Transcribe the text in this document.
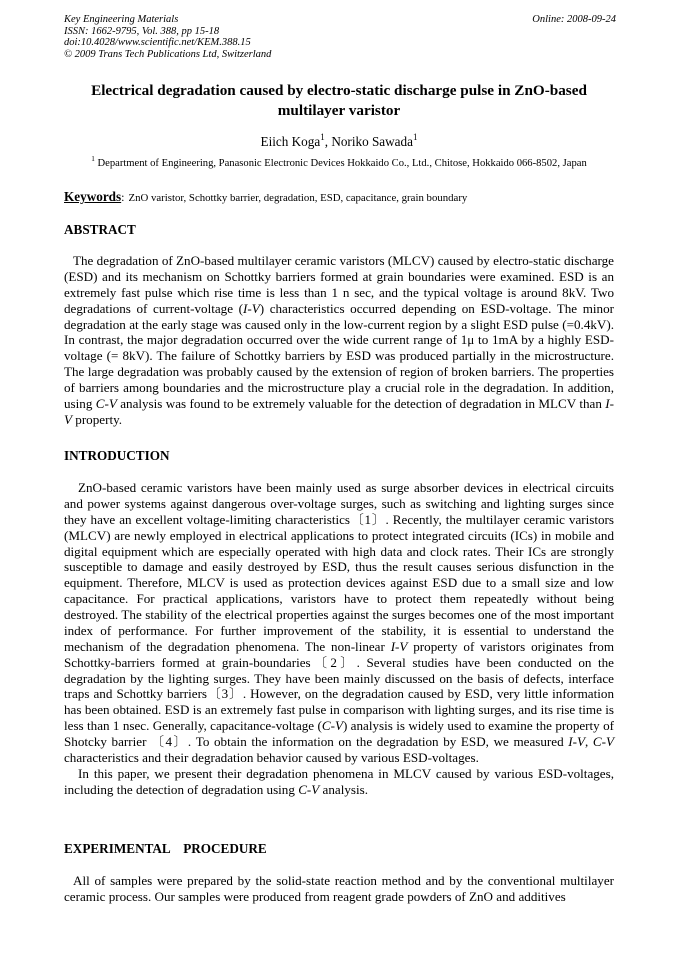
Key Engineering Materials
ISSN: 1662-9795, Vol. 388, pp 15-18
doi:10.4028/www.scientific.net/KEM.388.15
© 2009 Trans Tech Publications Ltd, Switzerland
Online: 2008-09-24
Electrical degradation caused by electro-static discharge pulse in ZnO-based multilayer varistor
Eiich Koga$^1$, Noriko Sawada$^1$
$^1$ Department of Engineering, Panasonic Electronic Devices Hokkaido Co., Ltd., Chitose, Hokkaido 066-8502, Japan
Keywords: ZnO varistor, Schottky barrier, degradation, ESD, capacitance, grain boundary
ABSTRACT

The degradation of ZnO-based multilayer ceramic varistors (MLCV) caused by electro-static discharge (ESD) and its mechanism on Schottky barriers formed at grain boundaries were examined. ESD is an extremely fast pulse which rise time is less than 1 n sec, and the typical voltage is around 8kV. Two degradations of current-voltage (I-V) characteristics occurred depending on ESD-voltage. The minor degradation at the early stage was caused only in the low-current region by a slight ESD pulse (=0.4kV). In contrast, the major degradation occurred over the wide current range of 1μ to 1mA by a highly ESD-voltage (= 8kV). The failure of Schottky barriers by ESD was produced partially in the microstructure. The large degradation was probably caused by the extension of region of broken barriers. The properties of barriers among boundaries and the microstructure play a crucial role in the degradation. In addition, using C-V analysis was found to be extremely valuable for the detection of degradation in MLCV than I-V property.

INTRODUCTION

ZnO-based ceramic varistors have been mainly used as surge absorber devices in electrical circuits and power systems against dangerous over-voltage surges, such as switching and lighting surges since they have an excellent voltage-limiting characteristics〔1〕. Recently, the multilayer ceramic varistors (MLCV) are newly employed in electrical applications to protect integrated circuits (ICs) in mobile and digital equipment which are especially operated with high data and clock rates. Their ICs are strongly susceptible to damage and easily destroyed by ESD, thus the result causes serious disfunction in the equipment. Therefore, MLCV is used as protection devices against ESD due to a small size and low capacitance. For practical applications, varistors have to protect them repeatedly without being destroyed. The stability of the electrical properties against the surges becomes one of the most important index of performance. For further improvement of the stability, it is essential to understand the mechanism of the degradation phenomena. The non-linear I-V property of varistors originates from Schottky-barriers formed at grain-boundaries〔2〕. Several studies have been conducted on the degradation by the lighting surges. They have been mainly discussed on the basis of defects, interface traps and Schottky barriers〔3〕. However, on the degradation caused by ESD, very little information has been obtained. ESD is an extremely fast pulse in comparison with lighting surges, and its rise time is less than 1 nsec. Generally, capacitance-voltage (C-V) analysis is widely used to examine the property of Shotcky barrier 〔4〕. To obtain the information on the degradation by ESD, we measured I-V, C-V characteristics and their degradation behavior caused by various ESD-voltages.

In this paper, we present their degradation phenomena in MLCV caused by various ESD-voltages, including the detection of degradation using C-V analysis.

EXPERIMENTAL    PROCEDURE

All of samples were prepared by the solid-state reaction method and by the conventional multilayer ceramic process. Our samples were produced from reagent grade powders of ZnO and additives
